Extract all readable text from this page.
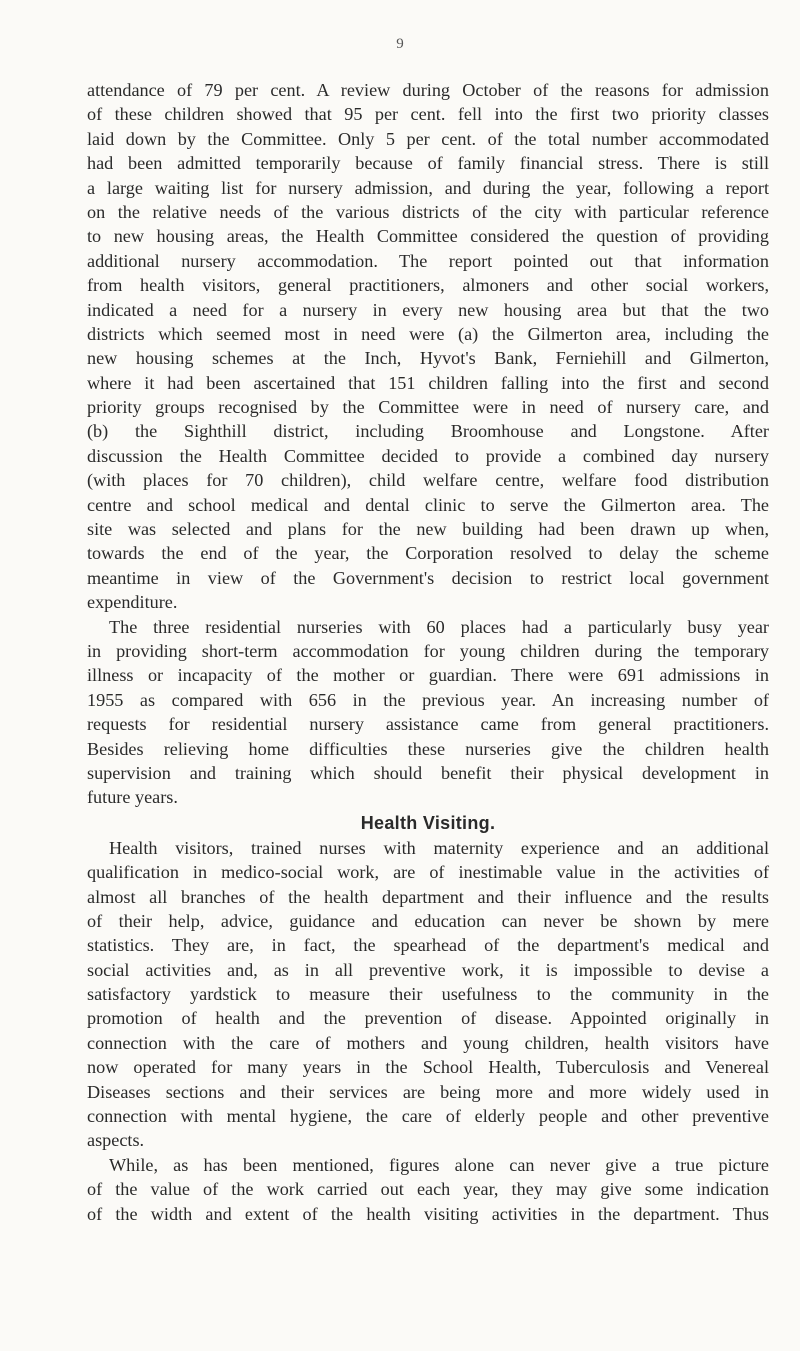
9
attendance of 79 per cent. A review during October of the reasons for admission
of these children showed that 95 per cent. fell into the first two priority classes
laid down by the Committee. Only 5 per cent. of the total number accommodated
had been admitted temporarily because of family financial stress. There is still
a large waiting list for nursery admission, and during the year, following a report
on the relative needs of the various districts of the city with particular reference
to new housing areas, the Health Committee considered the question of providing
additional nursery accommodation. The report pointed out that information
from health visitors, general practitioners, almoners and other social workers,
indicated a need for a nursery in every new housing area but that the two
districts which seemed most in need were (a) the Gilmerton area, including the
new housing schemes at the Inch, Hyvot's Bank, Ferniehill and Gilmerton,
where it had been ascertained that 151 children falling into the first and second
priority groups recognised by the Committee were in need of nursery care, and
(b) the Sighthill district, including Broomhouse and Longstone. After
discussion the Health Committee decided to provide a combined day nursery
(with places for 70 children), child welfare centre, welfare food distribution
centre and school medical and dental clinic to serve the Gilmerton area. The
site was selected and plans for the new building had been drawn up when,
towards the end of the year, the Corporation resolved to delay the scheme
meantime in view of the Government's decision to restrict local government
expenditure.
The three residential nurseries with 60 places had a particularly busy year
in providing short-term accommodation for young children during the temporary
illness or incapacity of the mother or guardian. There were 691 admissions in
1955 as compared with 656 in the previous year. An increasing number of
requests for residential nursery assistance came from general practitioners.
Besides relieving home difficulties these nurseries give the children health
supervision and training which should benefit their physical development in
future years.
Health Visiting.
Health visitors, trained nurses with maternity experience and an additional
qualification in medico-social work, are of inestimable value in the activities of
almost all branches of the health department and their influence and the results
of their help, advice, guidance and education can never be shown by mere
statistics. They are, in fact, the spearhead of the department's medical and
social activities and, as in all preventive work, it is impossible to devise a
satisfactory yardstick to measure their usefulness to the community in the
promotion of health and the prevention of disease. Appointed originally in
connection with the care of mothers and young children, health visitors have
now operated for many years in the School Health, Tuberculosis and Venereal
Diseases sections and their services are being more and more widely used in
connection with mental hygiene, the care of elderly people and other preventive
aspects.
While, as has been mentioned, figures alone can never give a true picture
of the value of the work carried out each year, they may give some indication
of the width and extent of the health visiting activities in the department. Thus
